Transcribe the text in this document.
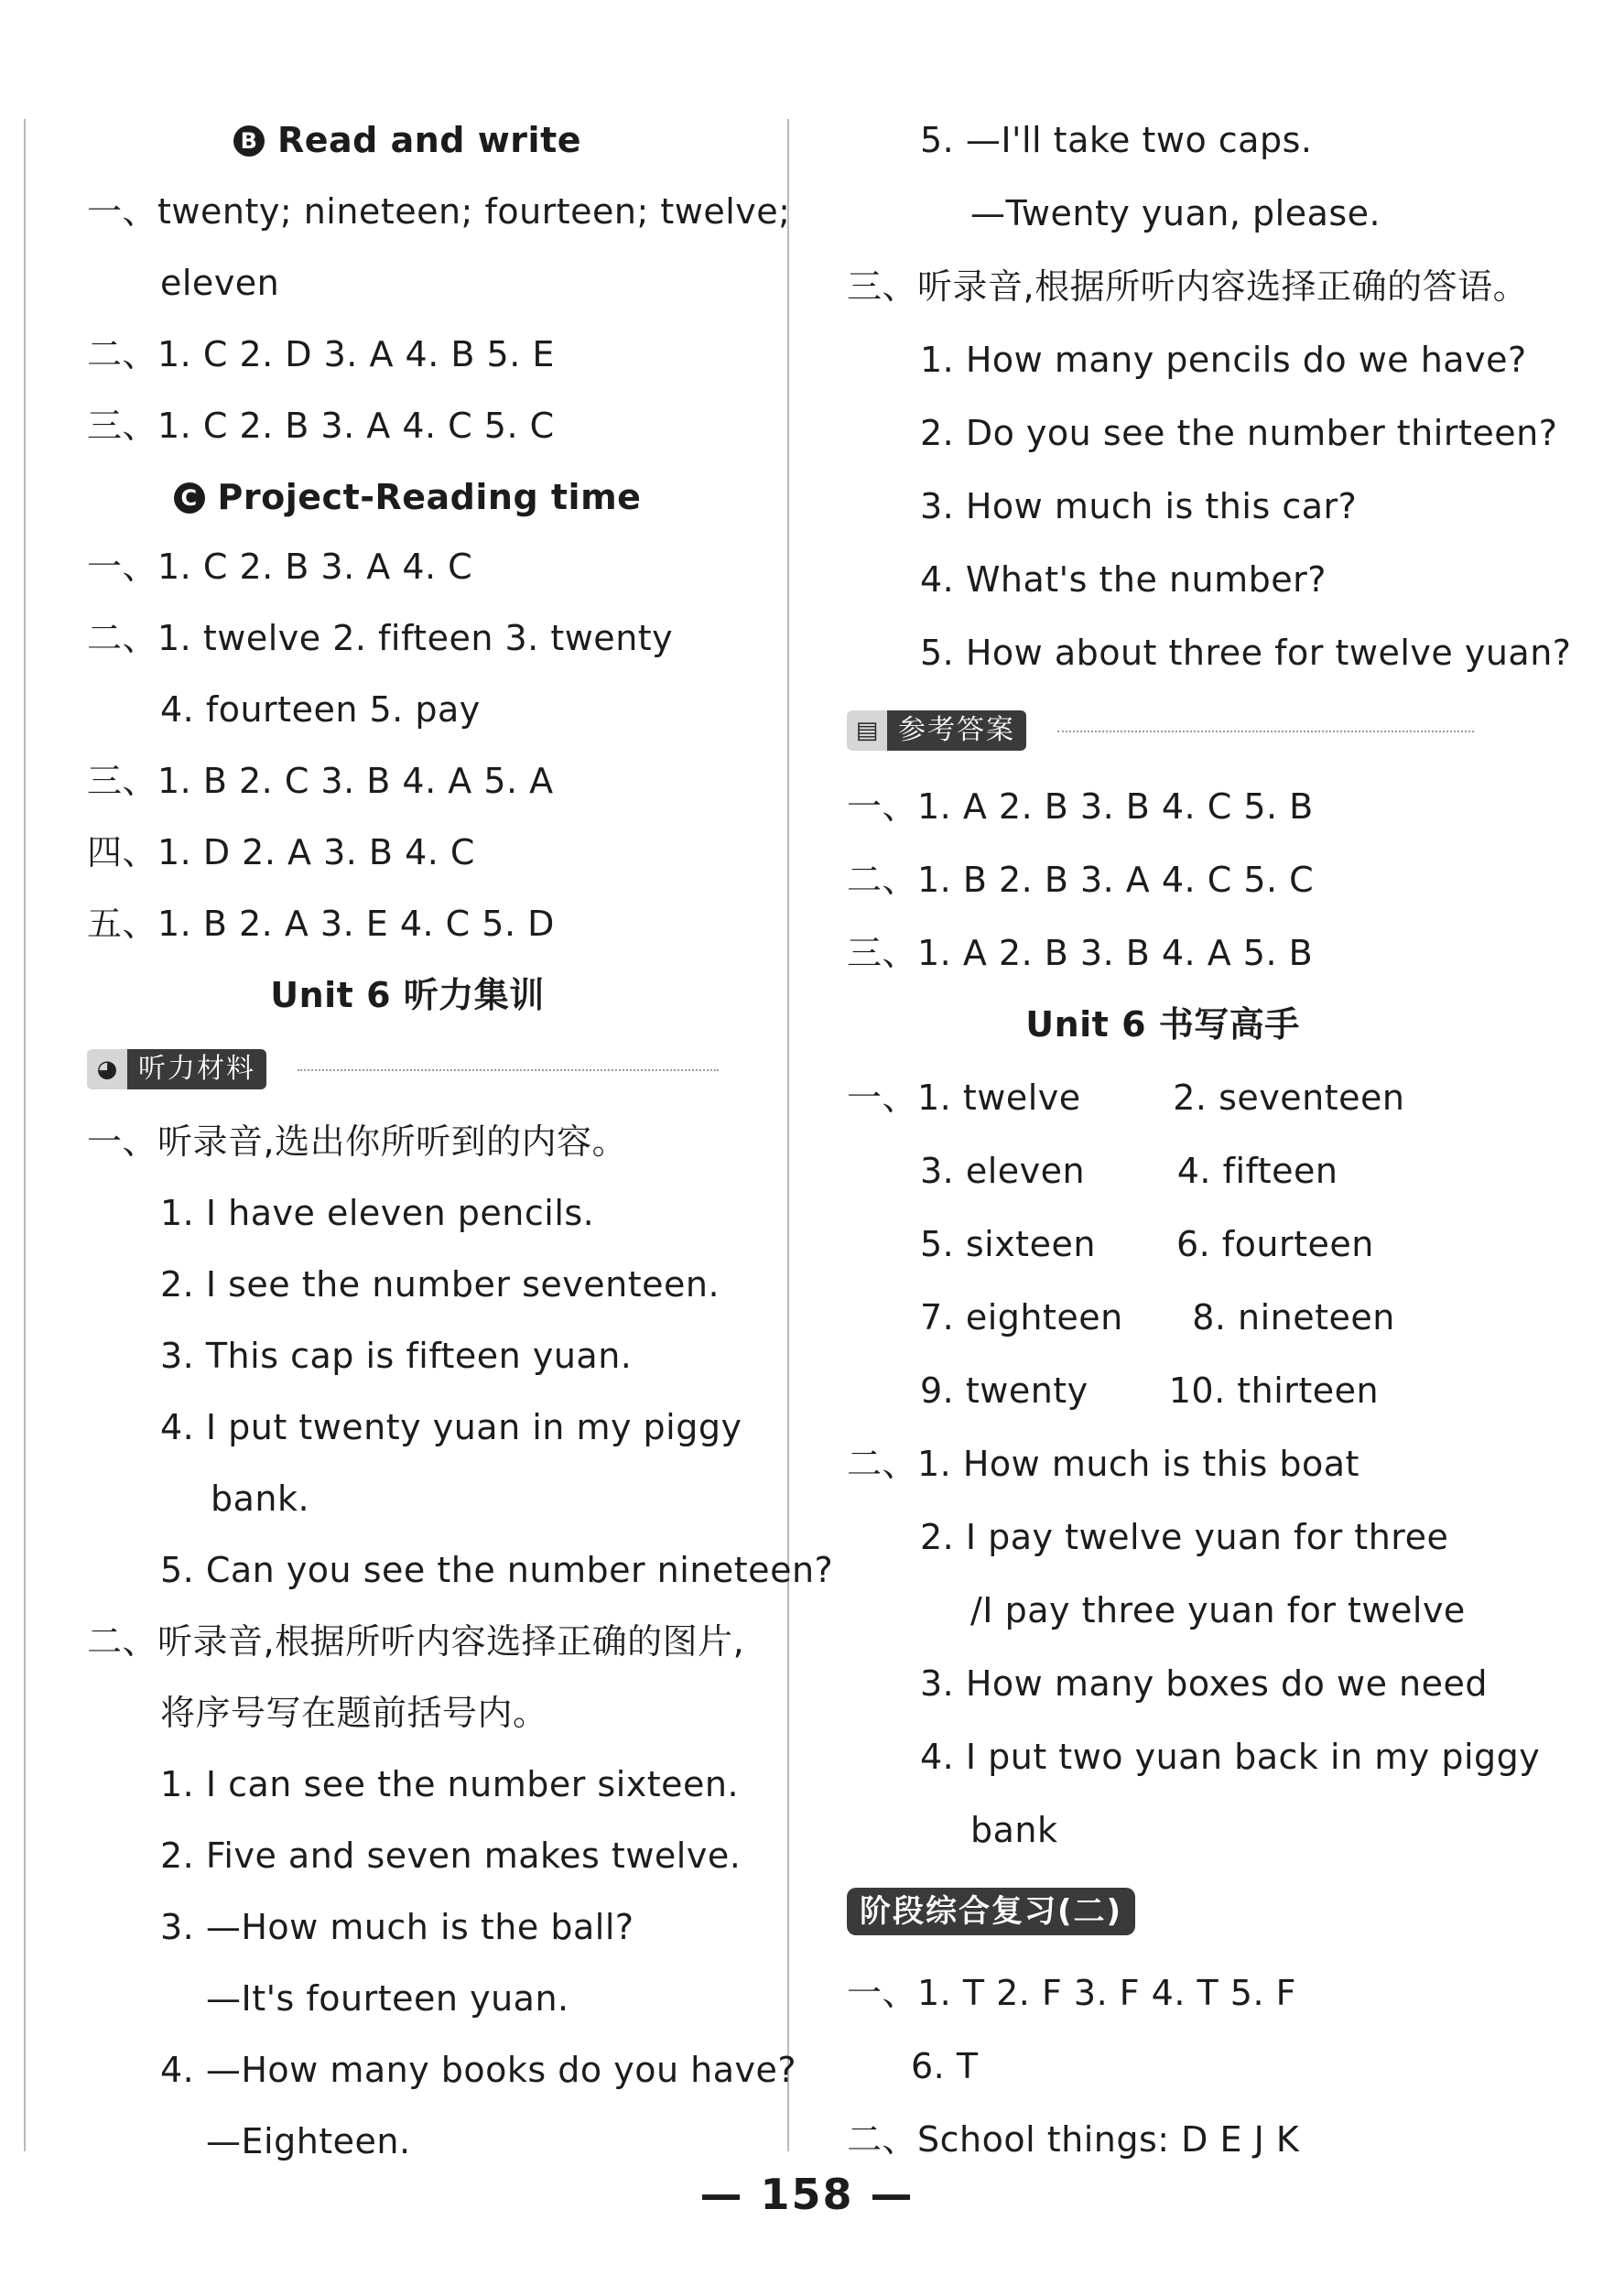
B Read and write
一、twenty; nineteen; fourteen; twelve;
eleven
二、1. C 2. D 3. A 4. B 5. E
三、1. C 2. B 3. A 4. C 5. C
C Project-Reading time
一、1. C 2. B 3. A 4. C
二、1. twelve 2. fifteen 3. twenty
4. fourteen 5. pay
三、1. B 2. C 3. B 4. A 5. A
四、1. D 2. A 3. B 4. C
五、1. B 2. A 3. E 4. C 5. D
Unit 6 听力集训
◕ 听力材料
一、听录音,选出你所听到的内容。
1. I have eleven pencils.
2. I see the number seventeen.
3. This cap is fifteen yuan.
4. I put twenty yuan in my piggy
bank.
5. Can you see the number nineteen?
二、听录音,根据所听内容选择正确的图片,
将序号写在题前括号内。
1. I can see the number sixteen.
2. Five and seven makes twelve.
3. —How much is the ball?
—It's fourteen yuan.
4. —How many books do you have?
—Eighteen.
5. —I'll take two caps.
—Twenty yuan, please.
三、听录音,根据所听内容选择正确的答语。
1. How many pencils do we have?
2. Do you see the number thirteen?
3. How much is this car?
4. What's the number?
5. How about three for twelve yuan?
▤ 参考答案
一、1. A 2. B 3. B 4. C 5. B
二、1. B 2. B 3. A 4. C 5. C
三、1. A 2. B 3. B 4. A 5. B
Unit 6 书写高手
一、1. twelve        2. seventeen
3. eleven        4. fifteen
5. sixteen       6. fourteen
7. eighteen      8. nineteen
9. twenty       10. thirteen
二、1. How much is this boat
2. I pay twelve yuan for three
/I pay three yuan for twelve
3. How many boxes do we need
4. I put two yuan back in my piggy
bank
阶段综合复习(二)
一、1. T 2. F 3. F 4. T 5. F
6. T
二、School things: D E J K
— 158 —
